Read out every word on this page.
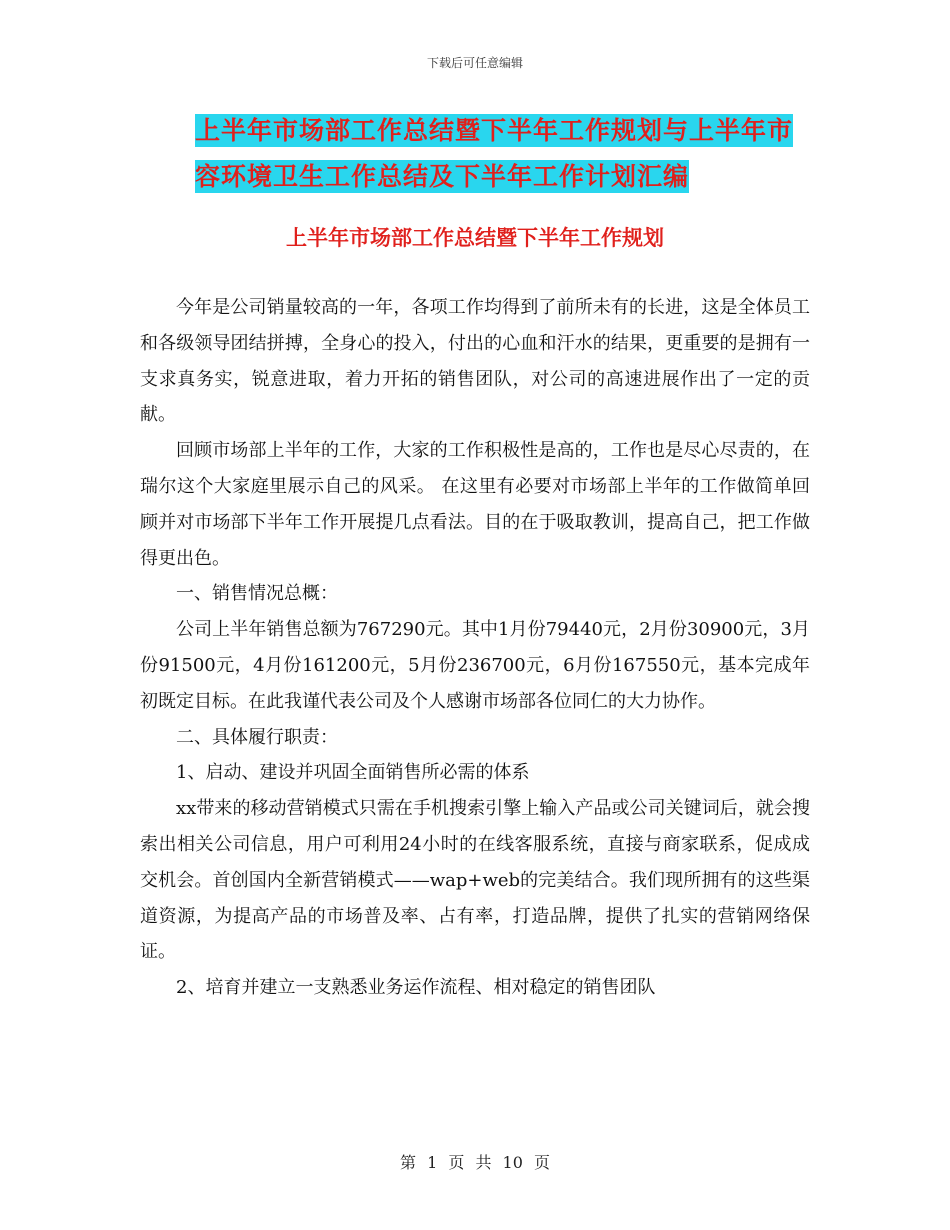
下载后可任意编辑
上半年市场部工作总结暨下半年工作规划与上半年市
容环境卫生工作总结及下半年工作计划汇编
上半年市场部工作总结暨下半年工作规划

今年是公司销量较高的一年，各项工作均得到了前所未有的长进，这是全体员工和各级领导团结拼搏，全身心的投入，付出的心血和汗水的结果，更重要的是拥有一支求真务实，锐意进取，着力开拓的销售团队，对公司的高速进展作出了一定的贡献。

回顾市场部上半年的工作，大家的工作积极性是高的，工作也是尽心尽责的，在瑞尔这个大家庭里展示自己的风采。 在这里有必要对市场部上半年的工作做简单回顾并对市场部下半年工作开展提几点看法。目的在于吸取教训，提高自己，把工作做得更出色。

一、销售情况总概：

公司上半年销售总额为767290元。其中1月份79440元，2月份30900元，3月份91500元，4月份161200元，5月份236700元，6月份167550元，基本完成年初既定目标。在此我谨代表公司及个人感谢市场部各位同仁的大力协作。

二、具体履行职责：

1、启动、建设并巩固全面销售所必需的体系

xx带来的移动营销模式只需在手机搜索引擎上输入产品或公司关键词后，就会搜索出相关公司信息，用户可利用24小时的在线客服系统，直接与商家联系，促成成交机会。首创国内全新营销模式——wap+web的完美结合。我们现所拥有的这些渠道资源，为提高产品的市场普及率、占有率，打造品牌，提供了扎实的营销网络保证。

2、培育并建立一支熟悉业务运作流程、相对稳定的销售团队

第 1 页 共 10 页
